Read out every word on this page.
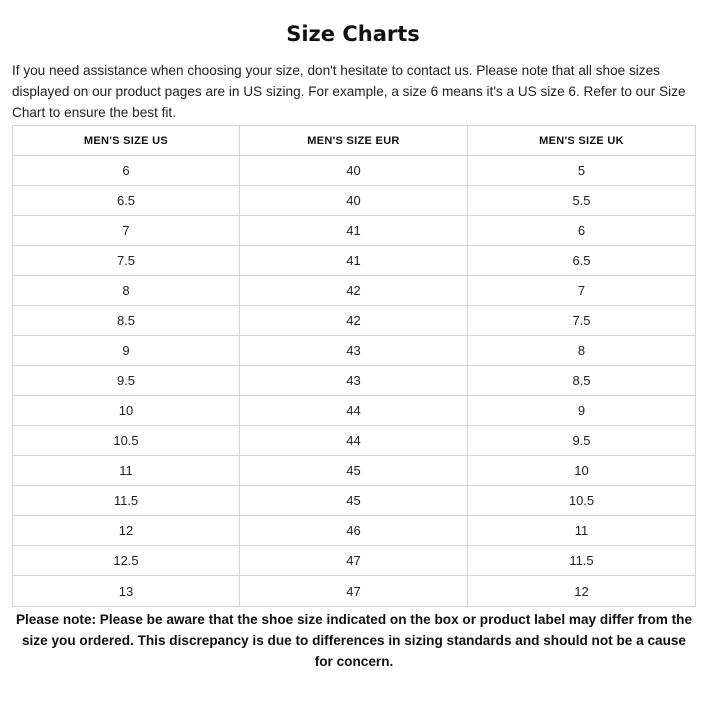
Size Charts

If you need assistance when choosing your size, don't hesitate to contact us. Please note that all shoe sizes displayed on our product pages are in US sizing. For example, a size 6 means it's a US size 6. Refer to our Size Chart to ensure the best fit.

MEN'S SIZE US	MEN'S SIZE EUR	MEN'S SIZE UK
6	40	5
6.5	40	5.5
7	41	6
7.5	41	6.5
8	42	7
8.5	42	7.5
9	43	8
9.5	43	8.5
10	44	9
10.5	44	9.5
11	45	10
11.5	45	10.5
12	46	11
12.5	47	11.5
13	47	12

Please note: Please be aware that the shoe size indicated on the box or product label may differ from the size you ordered. This discrepancy is due to differences in sizing standards and should not be a cause for concern.
